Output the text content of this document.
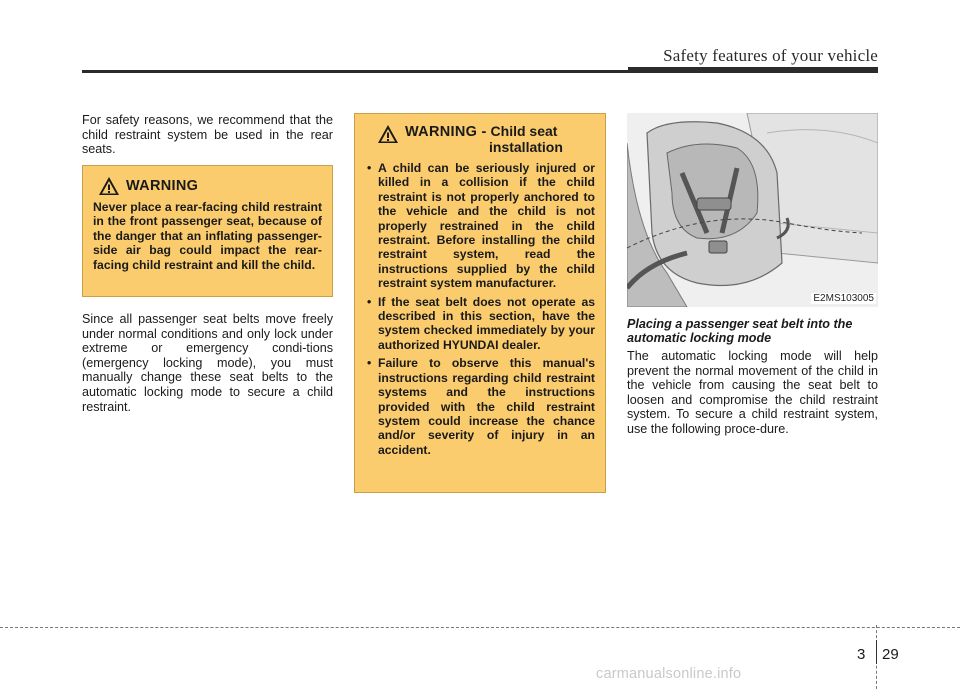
Safety features of your vehicle

For safety reasons, we recommend that the child restraint system be used in the rear seats.

WARNING

Never place a rear-facing child restraint in the front passenger seat, because of the danger that an inflating passenger-side air bag could impact the rear-facing child restraint and kill the child.

Since all passenger seat belts move freely under normal conditions and only lock under extreme or emergency condi-tions (emergency locking mode), you must manually change these seat belts to the automatic locking mode to secure a child restraint.

WARNING - Child seat
installation
• A child can be seriously injured or killed in a collision if the child restraint is not properly anchored to the vehicle and the child is not properly restrained in the child restraint. Before installing the child restraint system, read the instructions supplied by the child restraint system manufacturer.
• If the seat belt does not operate as described in this section, have the system checked immediately by your authorized HYUNDAI dealer.
• Failure to observe this manual's instructions regarding child restraint systems and the instructions provided with the child restraint system could increase the chance and/or severity of injury in an accident.
E2MS103005

Placing a passenger seat belt into the automatic locking mode

The automatic locking mode will help prevent the normal movement of the child in the vehicle from causing the seat belt to loosen and compromise the child restraint system. To secure a child restraint system, use the following proce-dure.

3 29
carmanualsonline.info
